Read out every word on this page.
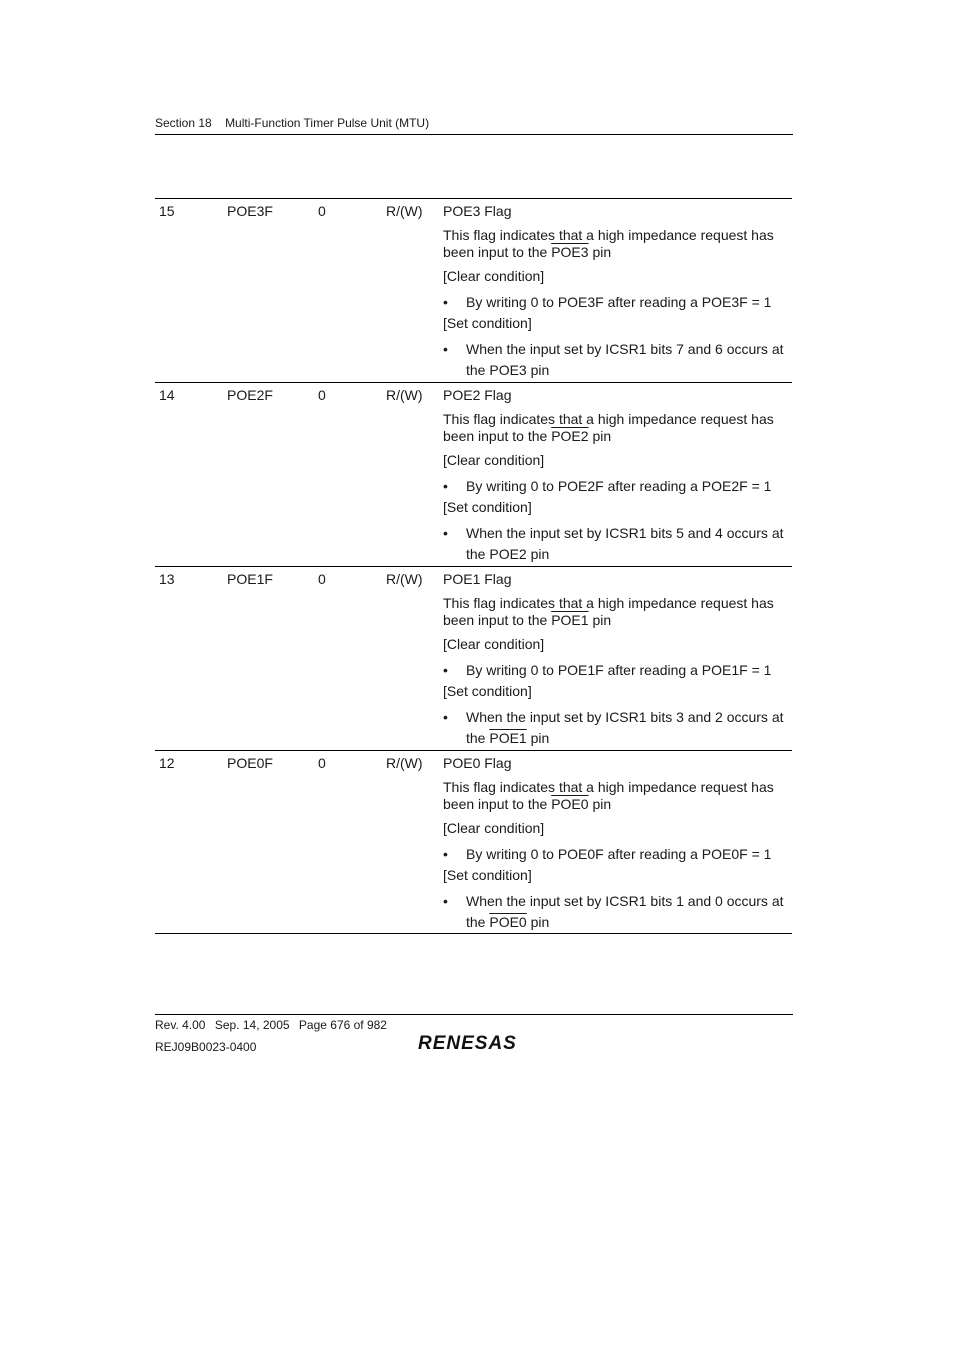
Section 18 Multi-Function Timer Pulse Unit (MTU)
15	POE3F	0	R/(W) POE3 Flag

This flag indicates that a high impedance request has been input to the POE3 pin

[Clear condition]

• By writing 0 to POE3F after reading a POE3F = 1

[Set condition]

• When the input set by ICSR1 bits 7 and 6 occurs at the POE3 pin
14	POE2F	0	R/(W) POE2 Flag

This flag indicates that a high impedance request has been input to the POE2 pin

[Clear condition]

• By writing 0 to POE2F after reading a POE2F = 1

[Set condition]

• When the input set by ICSR1 bits 5 and 4 occurs at the POE2 pin
13	POE1F	0	R/(W) POE1 Flag

This flag indicates that a high impedance request has been input to the POE1 pin

[Clear condition]

• By writing 0 to POE1F after reading a POE1F = 1

[Set condition]

• When the input set by ICSR1 bits 3 and 2 occurs at the POE1 pin
12	POE0F	0	R/(W) POE0 Flag

This flag indicates that a high impedance request has been input to the POE0 pin

[Clear condition]

• By writing 0 to POE0F after reading a POE0F = 1

[Set condition]

• When the input set by ICSR1 bits 1 and 0 occurs at the POE0 pin
Rev. 4.00 Sep. 14, 2005 Page 676 of 982
REJ09B0023-0400	RENESAS
